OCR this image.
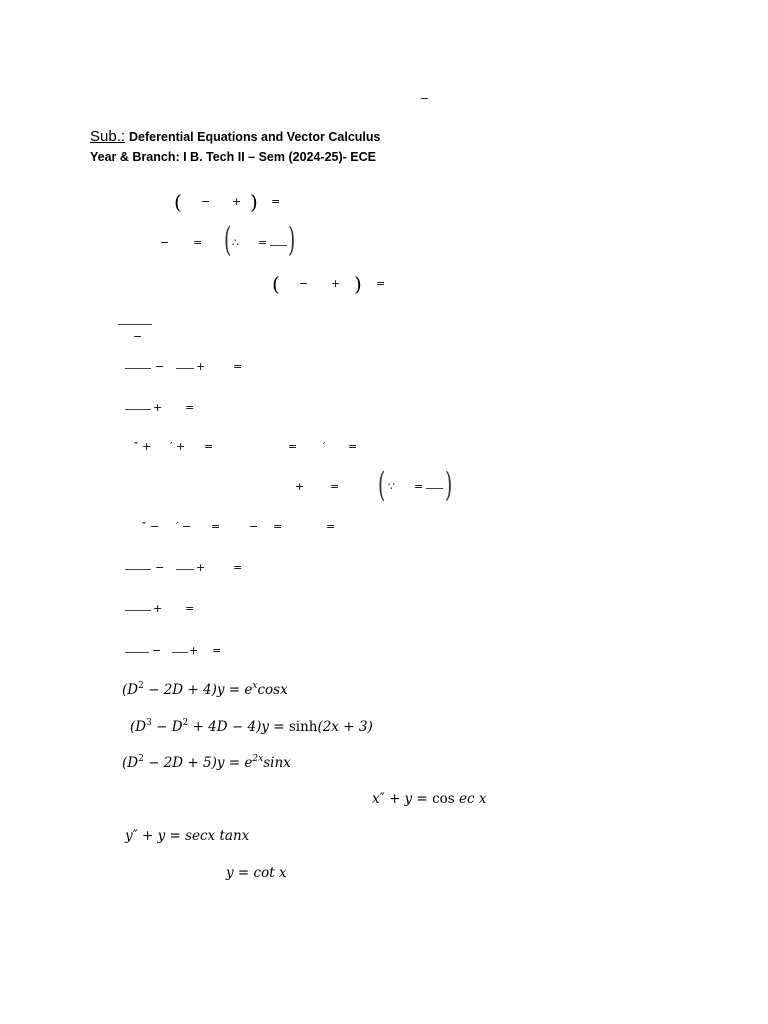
−
Sub.: Deferential Equations and Vector Calculus
Year & Branch: I B. Tech II – Sem (2024-25)- ECE
( − + ) =
− = ( ∴ = )
( − + ) =
−
−	+	=
+ =
″ + ′ + =	= ′ =
+ = ( ∵ = )
″ − ′ − =	− =	=
−	+	=
+ =
−	+ =
$(D^2 - 2D + 4)y = e^x\cos x$
$(D^3 - D^2 + 4D - 4)y = \sinh(2x + 3)$
$(D^2 - 2D + 5)y = e^{2x}\sin x$
x″ + y = cos ec x
y″ + y = secx tanx
y = cot x
